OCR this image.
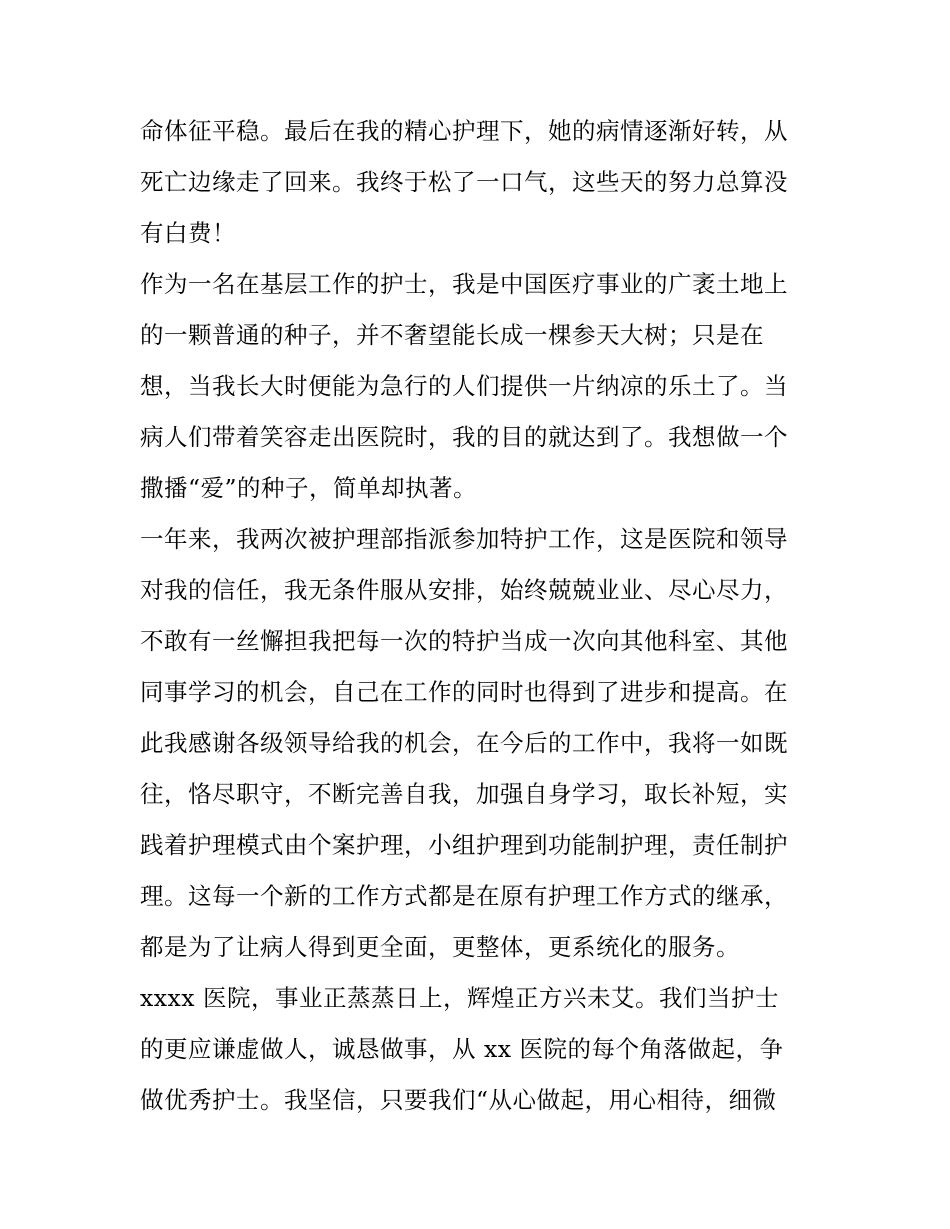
命体征平稳。最后在我的精心护理下，她的病情逐渐好转，从
死亡边缘走了回来。我终于松了一口气，这些天的努力总算没
有白费！
作为一名在基层工作的护士，我是中国医疗事业的广袤土地上
的一颗普通的种子，并不奢望能长成一棵参天大树；只是在
想，当我长大时便能为急行的人们提供一片纳凉的乐土了。当
病人们带着笑容走出医院时，我的目的就达到了。我想做一个
撒播“爱”的种子，简单却执著。
一年来，我两次被护理部指派参加特护工作，这是医院和领导
对我的信任，我无条件服从安排，始终兢兢业业、尽心尽力，
不敢有一丝懈担我把每一次的特护当成一次向其他科室、其他
同事学习的机会，自己在工作的同时也得到了进步和提高。在
此我感谢各级领导给我的机会，在今后的工作中，我将一如既
往，恪尽职守，不断完善自我，加强自身学习，取长补短，实
践着护理模式由个案护理，小组护理到功能制护理，责任制护
理。这每一个新的工作方式都是在原有护理工作方式的继承，
都是为了让病人得到更全面，更整体，更系统化的服务。
xxxx 医院，事业正蒸蒸日上，辉煌正方兴未艾。我们当护士
的更应谦虚做人，诚恳做事，从 xx 医院的每个角落做起，争
做优秀护士。我坚信，只要我们“从心做起，用心相待，细微
